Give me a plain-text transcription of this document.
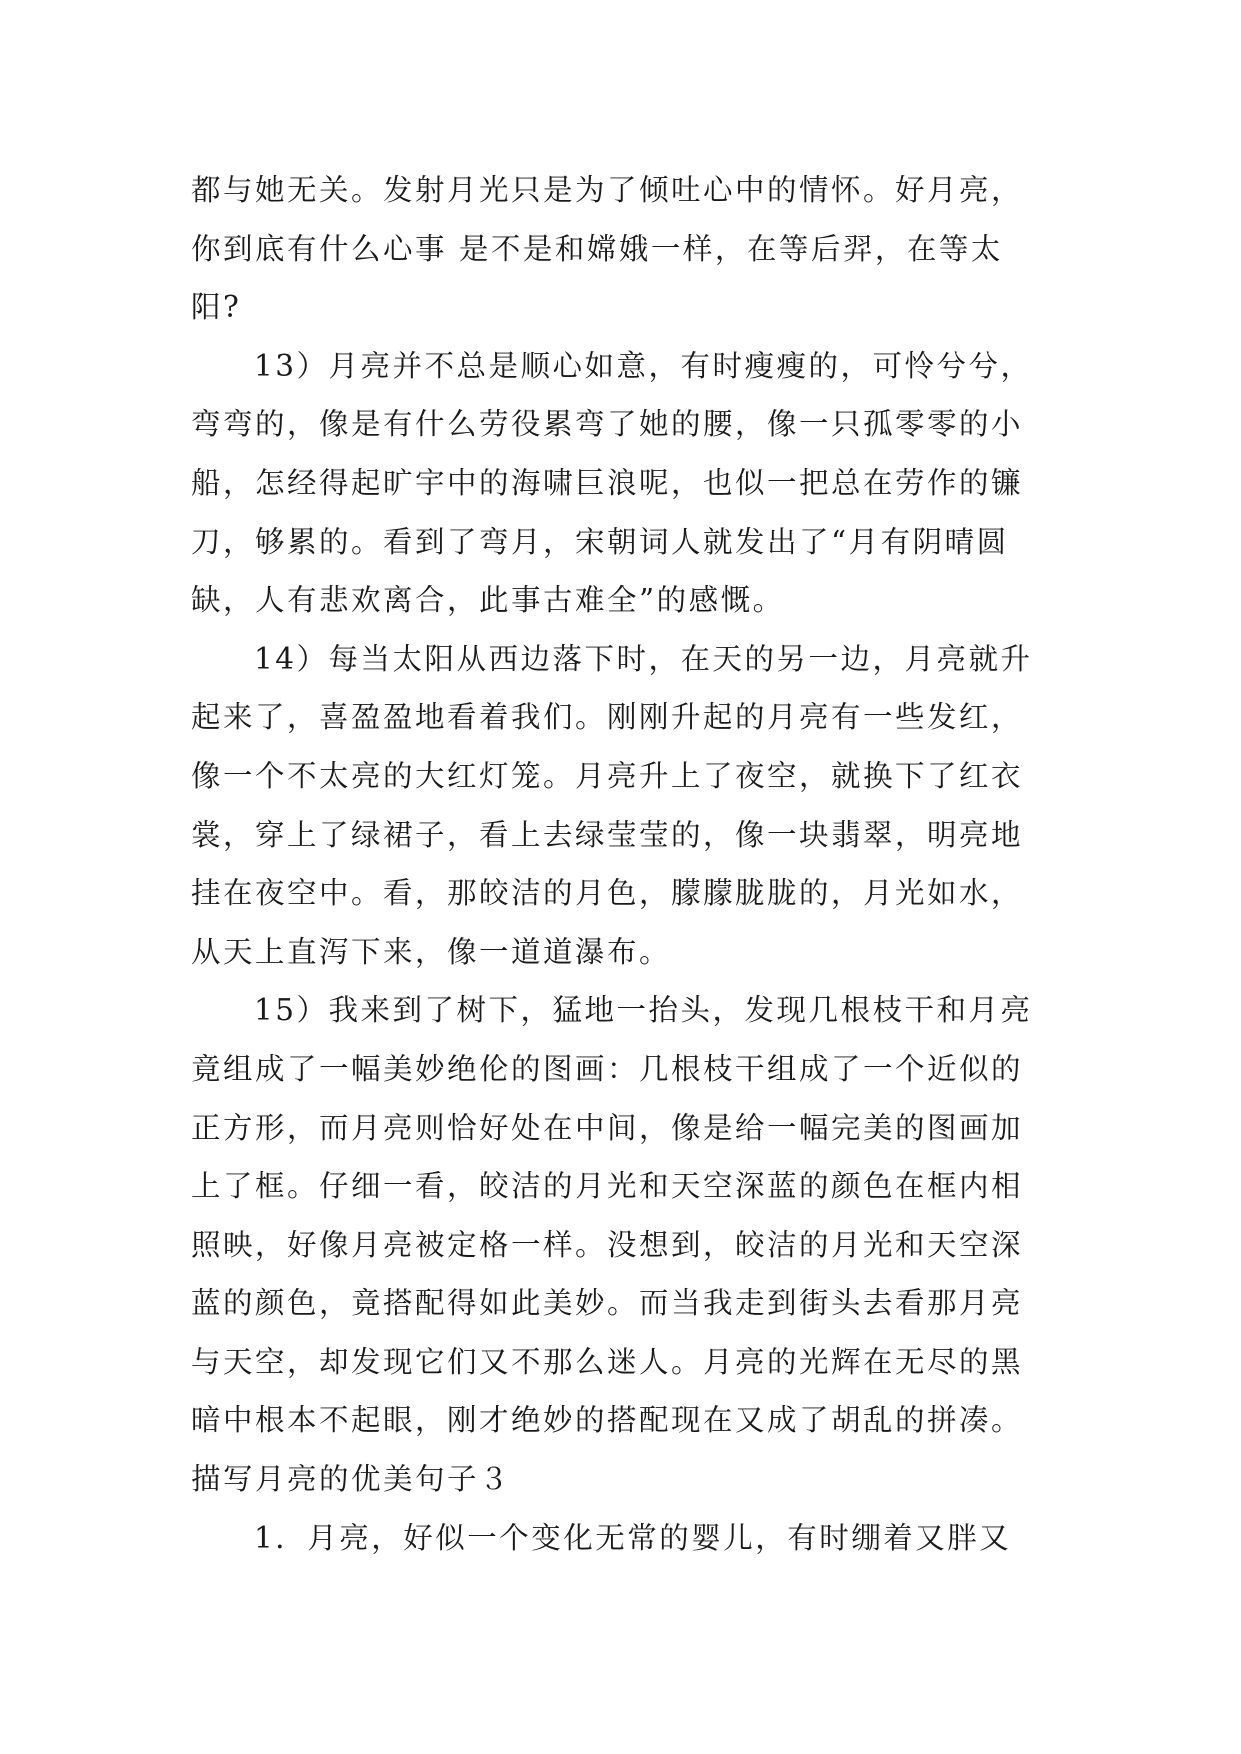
都与她无关。发射月光只是为了倾吐心中的情怀。好月亮，
你到底有什么心事 是不是和嫦娥一样，在等后羿，在等太
阳?
13）月亮并不总是顺心如意，有时瘦瘦的，可怜兮兮，
弯弯的，像是有什么劳役累弯了她的腰，像一只孤零零的小
船，怎经得起旷宇中的海啸巨浪呢，也似一把总在劳作的镰
刀，够累的。看到了弯月，宋朝词人就发出了“月有阴晴圆
缺，人有悲欢离合，此事古难全”的感慨。
14）每当太阳从西边落下时，在天的另一边，月亮就升
起来了，喜盈盈地看着我们。刚刚升起的月亮有一些发红，
像一个不太亮的大红灯笼。月亮升上了夜空，就换下了红衣
裳，穿上了绿裙子，看上去绿莹莹的，像一块翡翠，明亮地
挂在夜空中。看，那皎洁的月色，朦朦胧胧的，月光如水，
从天上直泻下来，像一道道瀑布。
15）我来到了树下，猛地一抬头，发现几根枝干和月亮
竟组成了一幅美妙绝伦的图画：几根枝干组成了一个近似的
正方形，而月亮则恰好处在中间，像是给一幅完美的图画加
上了框。仔细一看，皎洁的月光和天空深蓝的颜色在框内相
照映，好像月亮被定格一样。没想到，皎洁的月光和天空深
蓝的颜色，竟搭配得如此美妙。而当我走到街头去看那月亮
与天空，却发现它们又不那么迷人。月亮的光辉在无尽的黑
暗中根本不起眼，刚才绝妙的搭配现在又成了胡乱的拼凑。
描写月亮的优美句子３
1．月亮，好似一个变化无常的婴儿，有时绷着又胖又
